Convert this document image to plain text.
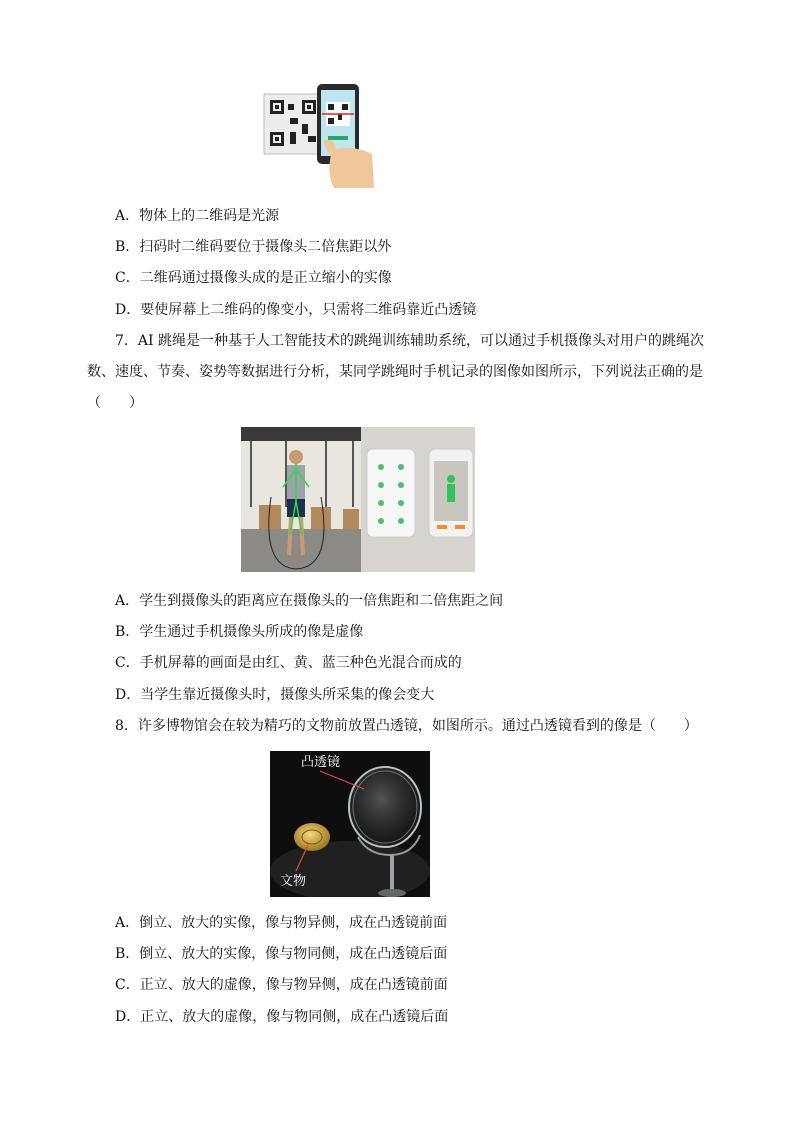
A．物体上的二维码是光源
B．扫码时二维码要位于摄像头二倍焦距以外
C．二维码通过摄像头成的是正立缩小的实像
D．要使屏幕上二维码的像变小，只需将二维码靠近凸透镜
7．AI 跳绳是一种基于人工智能技术的跳绳训练辅助系统，可以通过手机摄像头对用户的跳绳次
数、速度、节奏、姿势等数据进行分析，某同学跳绳时手机记录的图像如图所示，下列说法正确的是
（　　）
A．学生到摄像头的距离应在摄像头的一倍焦距和二倍焦距之间
B．学生通过手机摄像头所成的像是虚像
C．手机屏幕的画面是由红、黄、蓝三种色光混合而成的
D．当学生靠近摄像头时，摄像头所采集的像会变大
8．许多博物馆会在较为精巧的文物前放置凸透镜，如图所示。通过凸透镜看到的像是（　　）
凸透镜
文物
A．倒立、放大的实像，像与物异侧，成在凸透镜前面
B．倒立、放大的实像，像与物同侧，成在凸透镜后面
C．正立、放大的虚像，像与物异侧，成在凸透镜前面
D．正立、放大的虚像，像与物同侧，成在凸透镜后面
